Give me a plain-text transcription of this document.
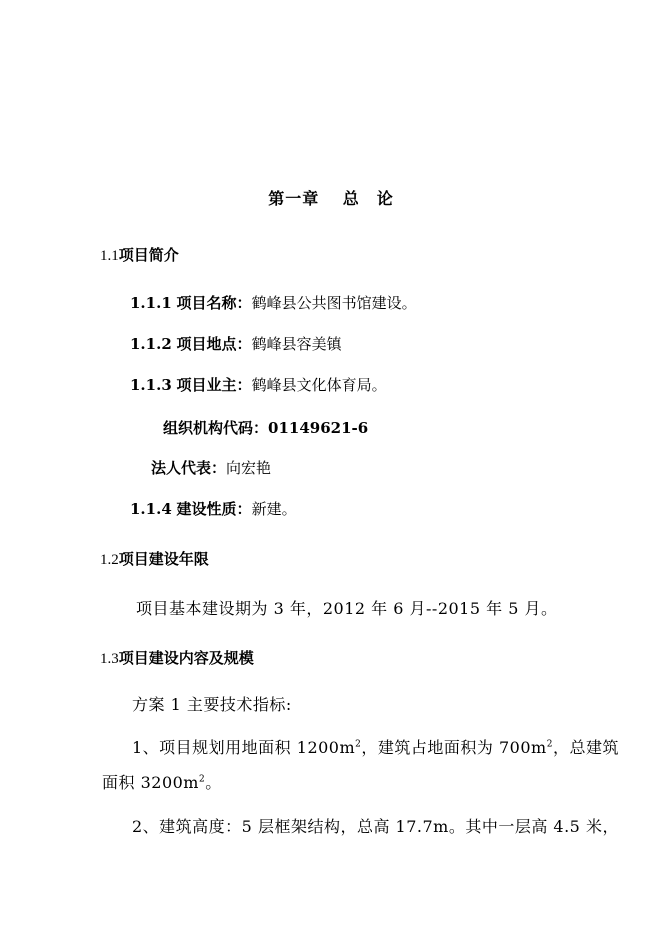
第一章　 总　论
1.1项目简介
1.1.1 项目名称：鹤峰县公共图书馆建设。
1.1.2 项目地点：鹤峰县容美镇
1.1.3 项目业主：鹤峰县文化体育局。
组织机构代码：01149621-6
法人代表：向宏艳
1.1.4 建设性质：新建。
1.2项目建设年限
项目基本建设期为 3 年，2012 年 6 月--2015 年 5 月。
1.3项目建设内容及规模
方案 1 主要技术指标:
1、项目规划用地面积 $1200m^2$，建筑占地面积为 $700m^2$，总建筑
面积 $3200m^2$。
2、建筑高度：5 层框架结构，总高 17.7m。其中一层高 4.5 米，
